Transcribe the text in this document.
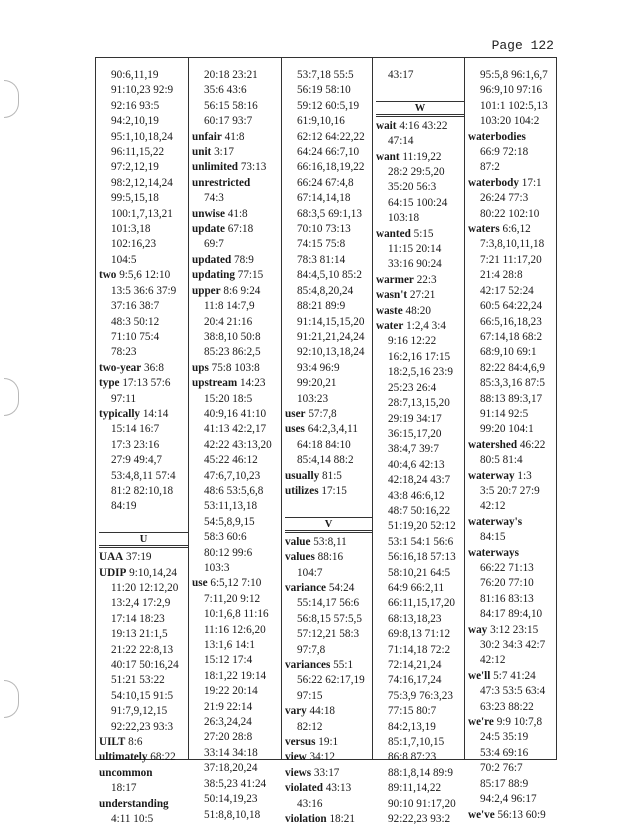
Page 122
90:6,11,19
91:10,23 92:9
92:16 93:5
94:2,10,19
95:1,10,18,24
96:11,15,22
97:2,12,19
98:2,12,14,24
99:5,15,18
100:1,7,13,21
101:3,18
102:16,23
104:5
two 9:5,6 12:10
13:5 36:6 37:9
37:16 38:7
48:3 50:12
71:10 75:4
78:23
two-year 36:8
type 17:13 57:6
97:11
typically 14:14
15:14 16:7
17:3 23:16
27:9 49:4,7
53:4,8,11 57:4
81:2 82:10,18
84:19
U
UAA 37:19
UDIP 9:10,14,24
11:20 12:12,20
13:2,4 17:2,9
17:14 18:23
19:13 21:1,5
21:22 22:8,13
40:17 50:16,24
51:21 53:22
54:10,15 91:5
91:7,9,12,15
92:22,23 93:3
UILT 8:6
ultimately 68:22
uncommon
18:17
understanding
4:11 10:5
20:18 23:21
35:6 43:6
56:15 58:16
60:17 93:7
unfair 41:8
unit 3:17
unlimited 73:13
unrestricted
74:3
unwise 41:8
update 67:18
69:7
updated 78:9
updating 77:15
upper 8:6 9:24
11:8 14:7,9
20:4 21:16
38:8,10 50:8
85:23 86:2,5
ups 75:8 103:8
upstream 14:23
15:20 18:5
40:9,16 41:10
41:13 42:2,17
42:22 43:13,20
45:22 46:12
47:6,7,10,23
48:6 53:5,6,8
53:11,13,18
54:5,8,9,15
58:3 60:6
80:12 99:6
103:3
use 6:5,12 7:10
7:11,20 9:12
10:1,6,8 11:16
11:16 12:6,20
13:1,6 14:1
15:12 17:4
18:1,22 19:14
19:22 20:14
21:9 22:14
26:3,24,24
27:20 28:8
33:14 34:18
37:18,20,24
38:5,23 41:24
50:14,19,23
51:8,8,10,18
53:7,18 55:5
56:19 58:10
59:12 60:5,19
61:9,10,16
62:12 64:22,22
64:24 66:7,10
66:16,18,19,22
66:24 67:4,8
67:14,14,18
68:3,5 69:1,13
70:10 73:13
74:15 75:8
78:3 81:14
84:4,5,10 85:2
85:4,8,20,24
88:21 89:9
91:14,15,15,20
91:21,21,24,24
92:10,13,18,24
93:4 96:9
99:20,21
103:23
user 57:7,8
uses 64:2,3,4,11
64:18 84:10
85:4,14 88:2
usually 81:5
utilizes 17:15
V
value 53:8,11
values 88:16
104:7
variance 54:24
55:14,17 56:6
56:8,15 57:5,5
57:12,21 58:3
97:7,8
variances 55:1
56:22 62:17,19
97:15
vary 44:18
82:12
versus 19:1
view 34:12
views 33:17
violated 43:13
43:16
violation 18:21
43:17
W
wait 4:16 43:22
47:14
want 11:19,22
28:2 29:5,20
35:20 56:3
64:15 100:24
103:18
wanted 5:15
11:15 20:14
33:16 90:24
warmer 22:3
wasn't 27:21
waste 48:20
water 1:2,4 3:4
9:16 12:22
16:2,16 17:15
18:2,5,16 23:9
25:23 26:4
28:7,13,15,20
29:19 34:17
36:15,17,20
38:4,7 39:7
40:4,6 42:13
42:18,24 43:7
43:8 46:6,12
48:7 50:16,22
51:19,20 52:12
53:1 54:1 56:6
56:16,18 57:13
58:10,21 64:5
64:9 66:2,11
66:11,15,17,20
68:13,18,23
69:8,13 71:12
71:14,18 72:2
72:14,21,24
74:16,17,24
75:3,9 76:3,23
77:15 80:7
84:2,13,19
85:1,7,10,15
86:8 87:23
88:1,8,14 89:9
89:11,14,22
90:10 91:17,20
92:22,23 93:2
95:5,8 96:1,6,7
96:9,10 97:16
101:1 102:5,13
103:20 104:2
waterbodies
66:9 72:18
87:2
waterbody 17:1
26:24 77:3
80:22 102:10
waters 6:6,12
7:3,8,10,11,18
7:21 11:17,20
21:4 28:8
42:17 52:24
60:5 64:22,24
66:5,16,18,23
67:14,18 68:2
68:9,10 69:1
82:22 84:4,6,9
85:3,3,16 87:5
88:13 89:3,17
91:14 92:5
99:20 104:1
watershed 46:22
80:5 81:4
waterway 1:3
3:5 20:7 27:9
42:12
waterway's
84:15
waterways
66:22 71:13
76:20 77:10
81:16 83:13
84:17 89:4,10
way 3:12 23:15
30:2 34:3 42:7
42:12
we'll 5:7 41:24
47:3 53:5 63:4
63:23 88:22
we're 9:9 10:7,8
24:5 35:19
53:4 69:16
70:2 76:7
85:17 88:9
94:2,4 96:17
we've 56:13 60:9
